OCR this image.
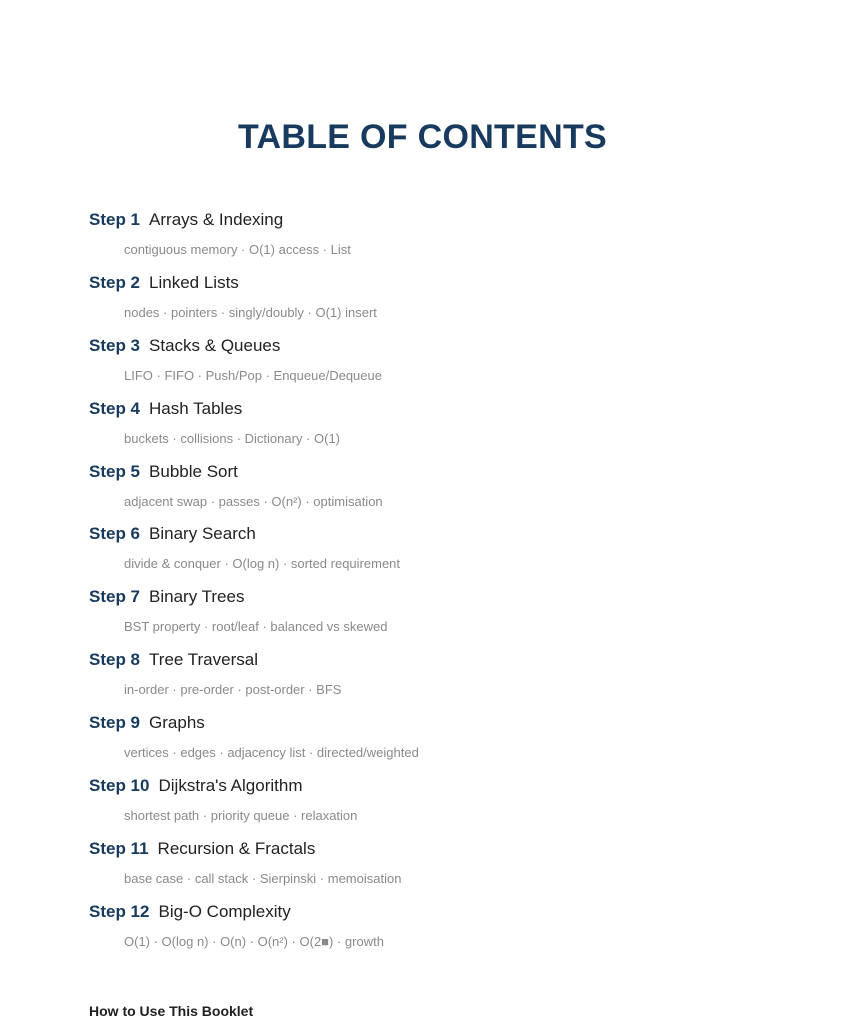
TABLE OF CONTENTS
Step 1 Arrays & Indexing
contiguous memory · O(1) access · List
Step 2 Linked Lists
nodes · pointers · singly/doubly · O(1) insert
Step 3 Stacks & Queues
LIFO · FIFO · Push/Pop · Enqueue/Dequeue
Step 4 Hash Tables
buckets · collisions · Dictionary · O(1)
Step 5 Bubble Sort
adjacent swap · passes · O(n²) · optimisation
Step 6 Binary Search
divide & conquer · O(log n) · sorted requirement
Step 7 Binary Trees
BST property · root/leaf · balanced vs skewed
Step 8 Tree Traversal
in-order · pre-order · post-order · BFS
Step 9 Graphs
vertices · edges · adjacency list · directed/weighted
Step 10 Dijkstra's Algorithm
shortest path · priority queue · relaxation
Step 11 Recursion & Fractals
base case · call stack · Sierpinski · memoisation
Step 12 Big-O Complexity
O(1) · O(log n) · O(n) · O(n²) · O(2■) · growth
How to Use This Booklet
